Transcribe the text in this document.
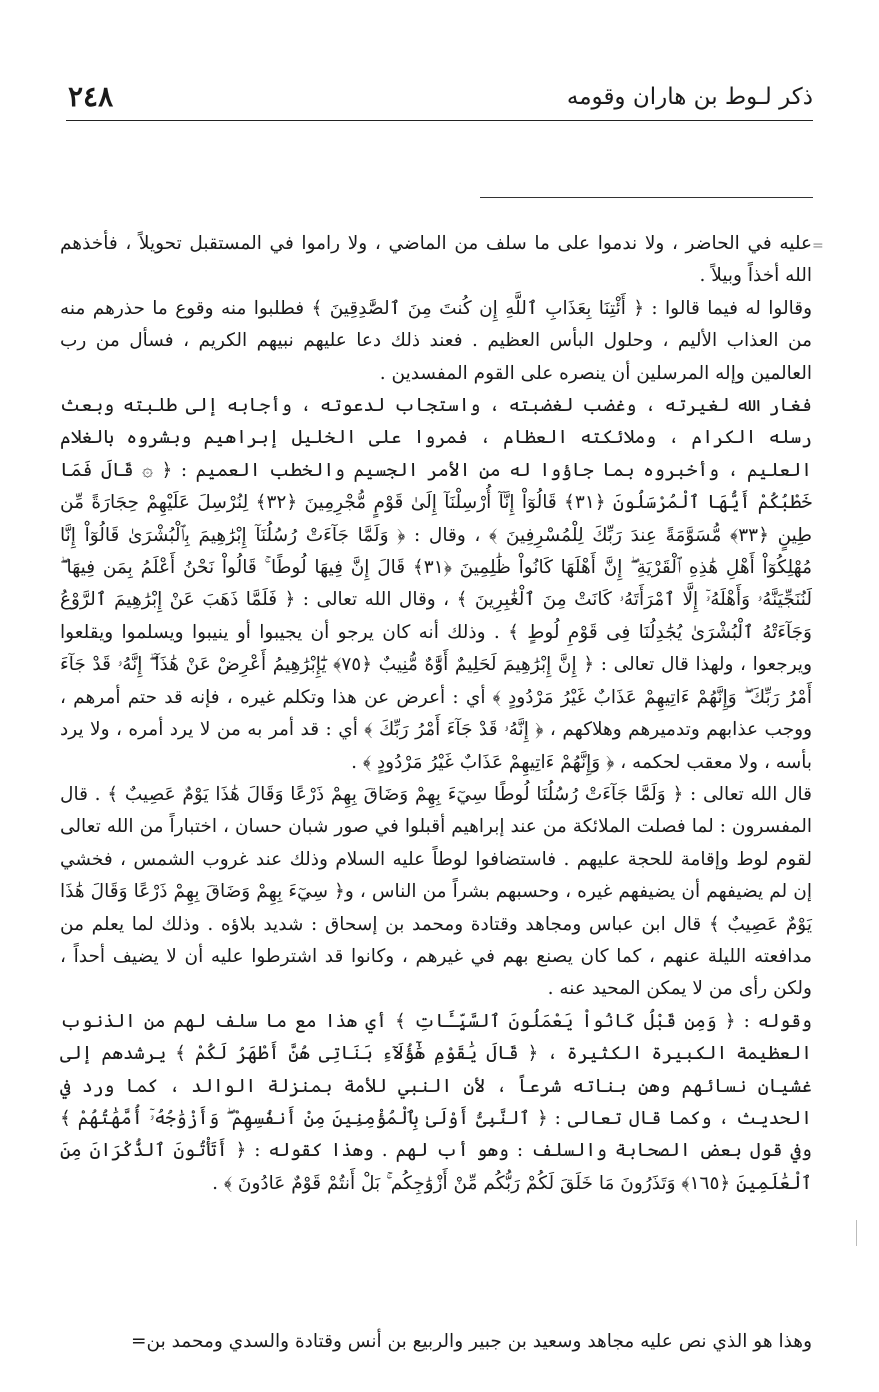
٢٤٨	ذكر لـوط بن هاران وقومه
=

عليه في الحاضر ، ولا ندموا على ما سلف من الماضي ، ولا راموا في المستقبل تحويلاً ، فأخذهم الله أخذاً وبيلاً .

وقالوا له فيما قالوا : ﴿ أَئْتِنَا بِعَذَابِ ٱللَّهِ إِن كُنتَ مِنَ ٱلصَّٰدِقِينَ ﴾ فطلبوا منه وقوع ما حذرهم منه من العذاب الأليم ، وحلول البأس العظيم . فعند ذلك دعا عليهم نبيهم الكريم ، فسأل من رب العالمين وإله المرسلين أن ينصره على القوم المفسدين .

فغار الله لغيرته ، وغضب لغضبته ، واستجاب لدعوته ، وأجابه إلى طلبته وبعث رسله الكرام ، وملائكته العظام ، فمروا على الخليل إبراهيم وبشروه بالغلام العليم ، وأخبروه بما جاؤوا له من الأمر الجسيم والخطب العميم : ﴿ ۞ قَالَ فَمَا خَطْبُكُمْ أَيُّهَا ٱلْمُرْسَلُونَ ﴿٣١﴾ قَالُوٓاْ إِنَّآ أُرْسِلْنَآ إِلَىٰ قَوْمٍ مُّجْرِمِينَ ﴿٣٢﴾ لِنُرْسِلَ عَلَيْهِمْ حِجَارَةً مِّن طِينٍ ﴿٣٣﴾ مُّسَوَّمَةً عِندَ رَبِّكَ لِلْمُسْرِفِينَ ﴾ ، وقال : ﴿ وَلَمَّا جَآءَتْ رُسُلُنَآ إِبْرَٰهِيمَ بِٱلْبُشْرَىٰ قَالُوٓاْ إِنَّا مُهْلِكُوٓاْ أَهْلِ هَٰذِهِ ٱلْقَرْيَةِ ۖ إِنَّ أَهْلَهَا كَانُواْ ظَٰلِمِينَ ﴿٣١﴾ قَالَ إِنَّ فِيهَا لُوطًا ۚ قَالُواْ نَحْنُ أَعْلَمُ بِمَن فِيهَا ۖ لَنُنَجِّيَنَّهُۥ وَأَهْلَهُۥٓ إِلَّا ٱمْرَأَتَهُۥ كَانَتْ مِنَ ٱلْغَٰبِرِينَ ﴾ ، وقال الله تعالى : ﴿ فَلَمَّا ذَهَبَ عَنْ إِبْرَٰهِيمَ ٱلرَّوْعُ وَجَآءَتْهُ ٱلْبُشْرَىٰ يُجَٰدِلُنَا فِى قَوْمِ لُوطٍ ﴾ . وذلك أنه كان يرجو أن يجيبوا أو ينيبوا ويسلموا ويقلعوا ويرجعوا ، ولهذا قال تعالى : ﴿ إِنَّ إِبْرَٰهِيمَ لَحَلِيمٌ أَوَّٰهٌ مُّنِيبٌ ﴿٧٥﴾ يَٰٓإِبْرَٰهِيمُ أَعْرِضْ عَنْ هَٰذَآ ۖ إِنَّهُۥ قَدْ جَآءَ أَمْرُ رَبِّكَ ۖ وَإِنَّهُمْ ءَاتِيهِمْ عَذَابٌ غَيْرُ مَرْدُودٍ ﴾ أي : أعرض عن هذا وتكلم غيره ، فإنه قد حتم أمرهم ، ووجب عذابهم وتدميرهم وهلاكهم ، ﴿ إِنَّهُۥ قَدْ جَآءَ أَمْرُ رَبِّكَ ﴾ أي : قد أمر به من لا يرد أمره ، ولا يرد بأسه ، ولا معقب لحكمه ، ﴿ وَإِنَّهُمْ ءَاتِيهِمْ عَذَابٌ غَيْرُ مَرْدُودٍ ﴾ .

قال الله تعالى : ﴿ وَلَمَّا جَآءَتْ رُسُلُنَا لُوطًا سِيٓءَ بِهِمْ وَضَاقَ بِهِمْ ذَرْعًا وَقَالَ هَٰذَا يَوْمٌ عَصِيبٌ ﴾ . قال المفسرون : لما فصلت الملائكة من عند إبراهيم أقبلوا في صور شبان حسان ، اختباراً من الله تعالى لقوم لوط وإقامة للحجة عليهم . فاستضافوا لوطاً عليه السلام وذلك عند غروب الشمس ، فخشي إن لم يضيفهم أن يضيفهم غيره ، وحسبهم بشراً من الناس ، و﴿ سِيٓءَ بِهِمْ وَضَاقَ بِهِمْ ذَرْعًا وَقَالَ هَٰذَا يَوْمٌ عَصِيبٌ ﴾ قال ابن عباس ومجاهد وقتادة ومحمد بن إسحاق : شديد بلاؤه . وذلك لما يعلم من مدافعته الليلة عنهم ، كما كان يصنع بهم في غيرهم ، وكانوا قد اشترطوا عليه أن لا يضيف أحداً ، ولكن رأى من لا يمكن المحيد عنه .

وقوله : ﴿ وَمِن قَبْلُ كَانُواْ يَعْمَلُونَ ٱلسَّيِّـَٔاتِ ﴾ أي هذا مع ما سلف لهم من الذنوب العظيمة الكبيرة الكثيرة ، ﴿ قَالَ يَٰقَوْمِ هَٰٓؤُلَآءِ بَنَاتِى هُنَّ أَطْهَرُ لَكُمْ ﴾ يرشدهم إلى غشيان نسائهم وهن بناته شرعاً ، لأن النبي للأمة بمنزلة الوالد ، كما ورد في الحديث ، وكما قال تعالى : ﴿ ٱلنَّبِىُّ أَوْلَىٰ بِٱلْمُؤْمِنِينَ مِنْ أَنفُسِهِمْ ۖ وَأَزْوَٰجُهُۥٓ أُمَّهَٰتُهُمْ ﴾ وفي قول بعض الصحابة والسلف : وهو أب لهم . وهذا كقوله : ﴿ أَتَأْتُونَ ٱلذُّكْرَانَ مِنَ ٱلْعَٰلَمِينَ ﴿١٦٥﴾ وَتَذَرُونَ مَا خَلَقَ لَكُمْ رَبُّكُم مِّنْ أَزْوَٰجِكُم ۚ بَلْ أَنتُمْ قَوْمٌ عَادُونَ ﴾ .

وهذا هو الذي نص عليه مجاهد وسعيد بن جبير والربيع بن أنس وقتادة والسدي ومحمد بن=
